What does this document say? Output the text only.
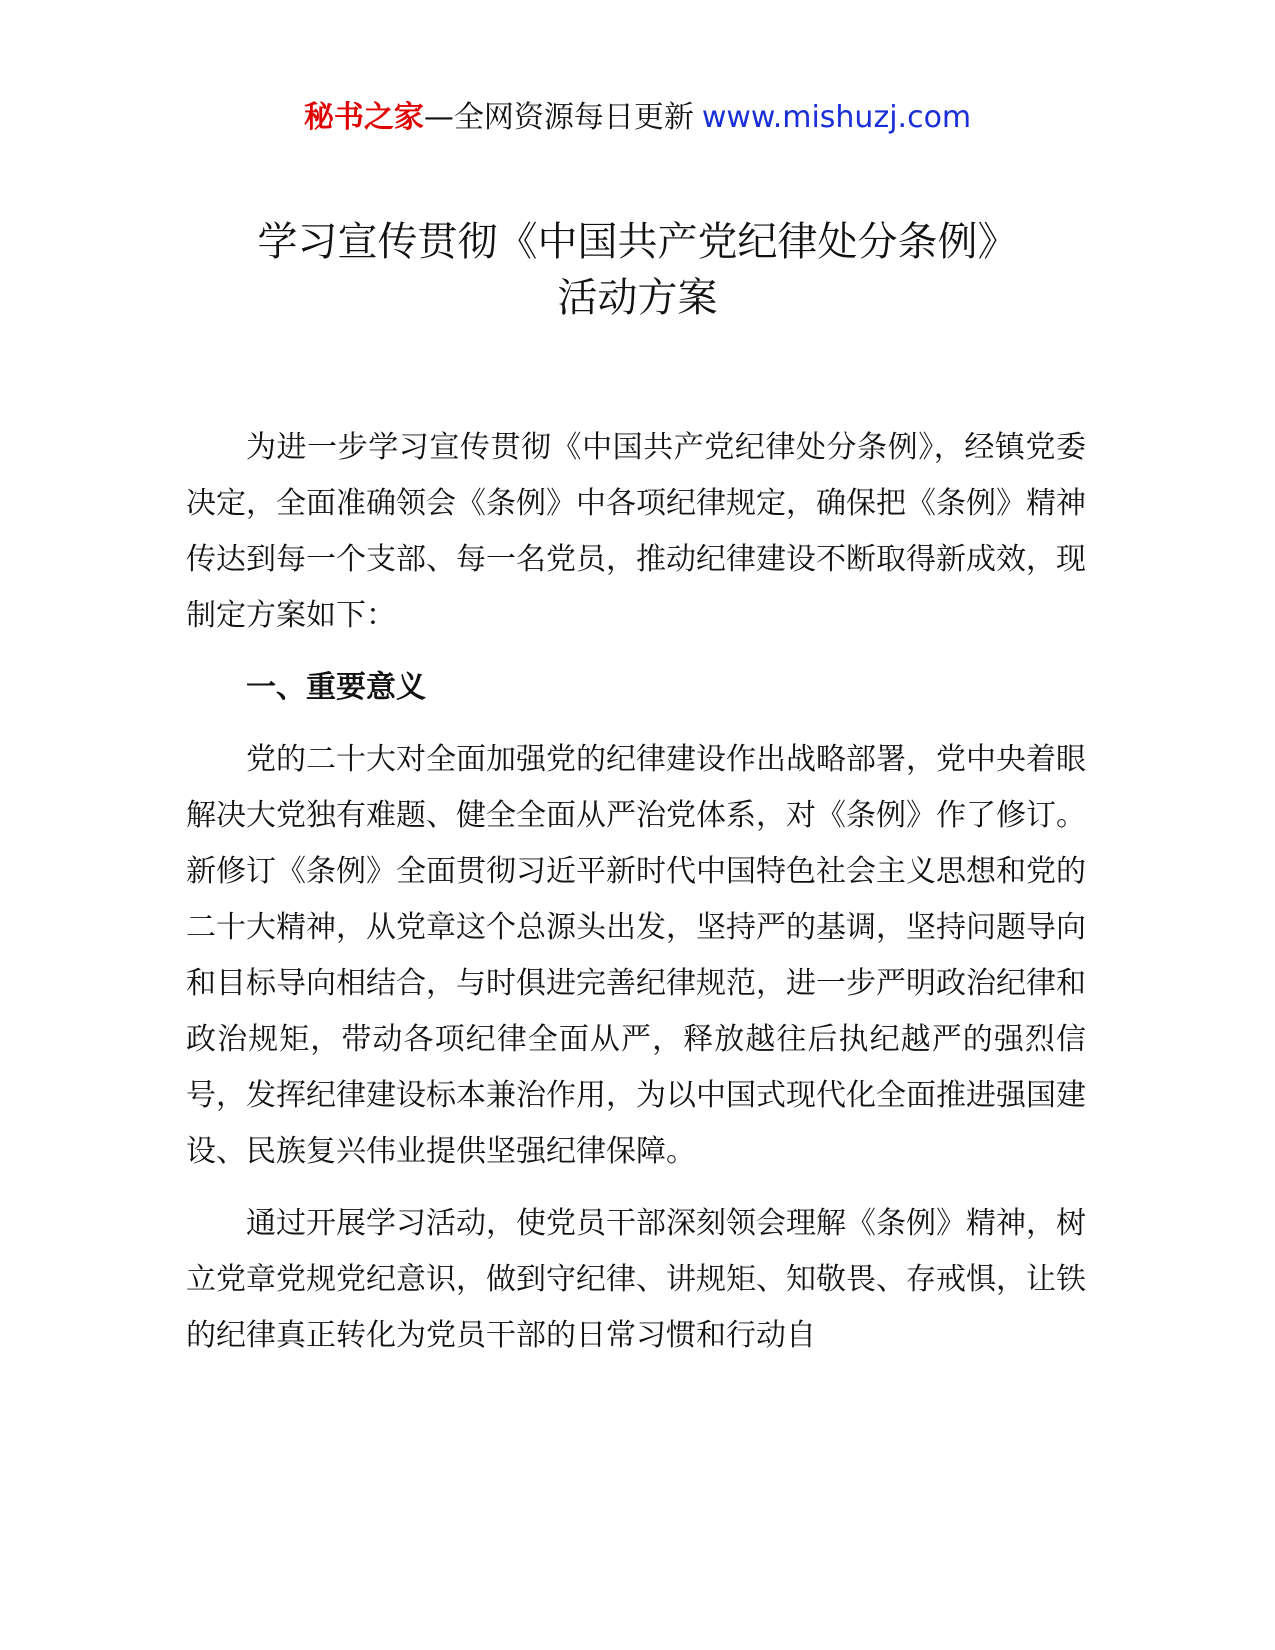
秘书之家—全网资源每日更新 www.mishuzj.com
学习宣传贯彻《中国共产党纪律处分条例》
活动方案

为进一步学习宣传贯彻《中国共产党纪律处分条例》，经镇党委决定，全面准确领会《条例》中各项纪律规定，确保把《条例》精神传达到每一个支部、每一名党员，推动纪律建设不断取得新成效，现制定方案如下：

一、重要意义

党的二十大对全面加强党的纪律建设作出战略部署，党中央着眼解决大党独有难题、健全全面从严治党体系，对《条例》作了修订。新修订《条例》全面贯彻习近平新时代中国特色社会主义思想和党的二十大精神，从党章这个总源头出发，坚持严的基调，坚持问题导向和目标导向相结合，与时俱进完善纪律规范，进一步严明政治纪律和政治规矩，带动各项纪律全面从严，释放越往后执纪越严的强烈信号，发挥纪律建设标本兼治作用，为以中国式现代化全面推进强国建设、民族复兴伟业提供坚强纪律保障。

通过开展学习活动，使党员干部深刻领会理解《条例》精神，树立党章党规党纪意识，做到守纪律、讲规矩、知敬畏、存戒惧，让铁的纪律真正转化为党员干部的日常习惯和行动自
